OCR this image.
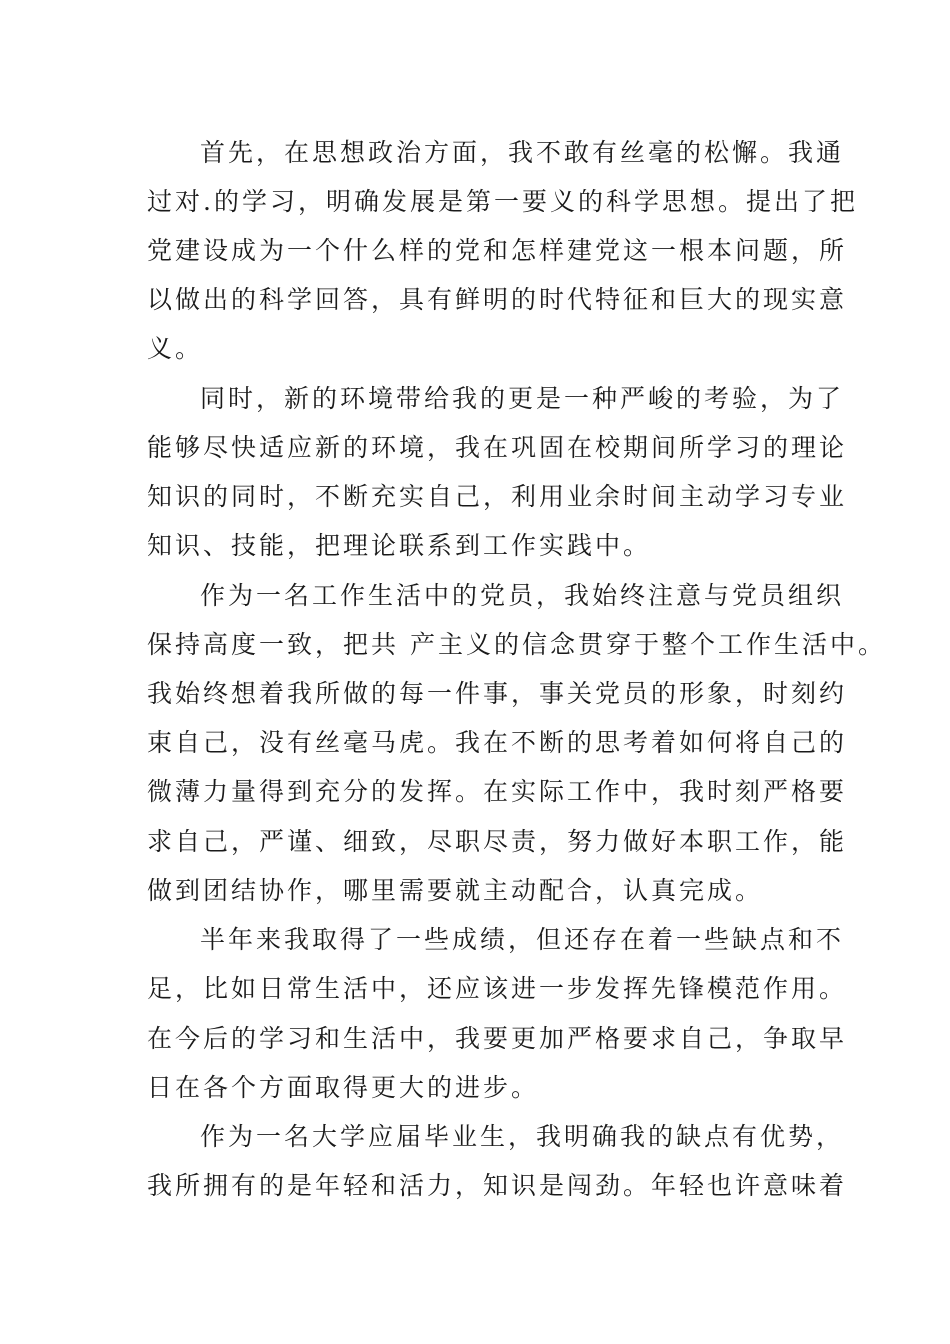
首先，在思想政治方面，我不敢有丝毫的松懈。我通
过对.的学习，明确发展是第一要义的科学思想。提出了把
党建设成为一个什么样的党和怎样建党这一根本问题，所
以做出的科学回答，具有鲜明的时代特征和巨大的现实意
义。
同时，新的环境带给我的更是一种严峻的考验，为了
能够尽快适应新的环境，我在巩固在校期间所学习的理论
知识的同时，不断充实自己，利用业余时间主动学习专业
知识、技能，把理论联系到工作实践中。
作为一名工作生活中的党员，我始终注意与党员组织
保持高度一致，把共 产主义的信念贯穿于整个工作生活中。
我始终想着我所做的每一件事，事关党员的形象，时刻约
束自己，没有丝毫马虎。我在不断的思考着如何将自己的
微薄力量得到充分的发挥。在实际工作中，我时刻严格要
求自己，严谨、细致，尽职尽责，努力做好本职工作，能
做到团结协作，哪里需要就主动配合，认真完成。
半年来我取得了一些成绩，但还存在着一些缺点和不
足，比如日常生活中，还应该进一步发挥先锋模范作用。
在今后的学习和生活中，我要更加严格要求自己，争取早
日在各个方面取得更大的进步。
作为一名大学应届毕业生，我明确我的缺点有优势，
我所拥有的是年轻和活力，知识是闯劲。年轻也许意味着
